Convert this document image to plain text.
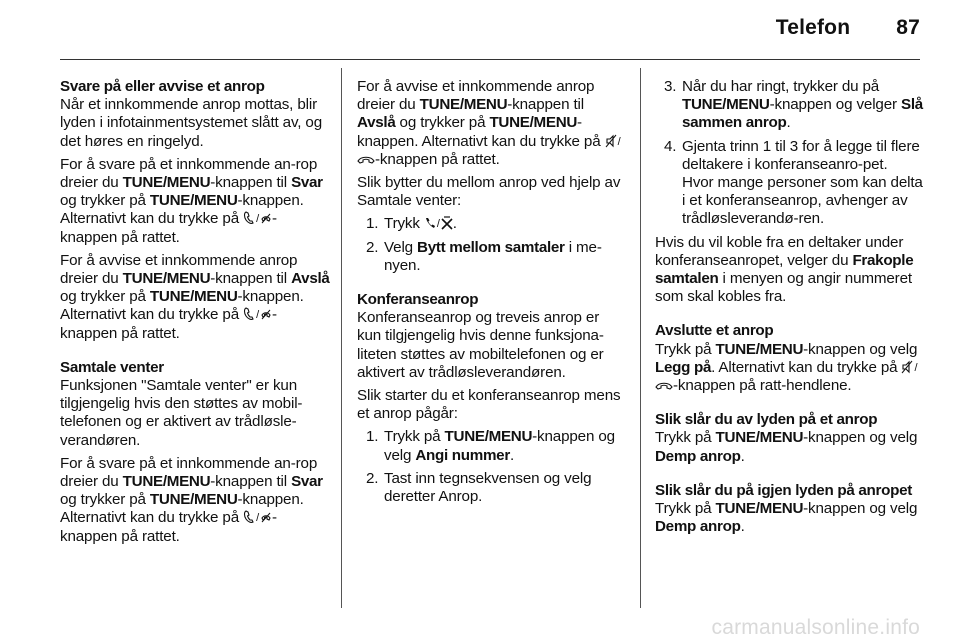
Telefon 87
Svare på eller avvise et anrop

Når et innkommende anrop mottas, blir lyden i infotainmentsystemet slått av, og det høres en ringelyd.

For å svare på et innkommende an-rop dreier du TUNE/MENU-knappen til Svar og trykker på TUNE/MENU-knappen. Alternativt kan du trykke på / -knappen på rattet.

For å avvise et innkommende anrop dreier du TUNE/MENU-knappen til Avslå og trykker på TUNE/MENU-knappen. Alternativt kan du trykke på / -knappen på rattet.

Samtale venter

Funksjonen "Samtale venter" er kun tilgjengelig hvis den støttes av mobil-telefonen og er aktivert av trådløsle-verandøren.

For å svare på et innkommende an-rop dreier du TUNE/MENU-knappen til Svar og trykker på TUNE/MENU-knappen. Alternativt kan du trykke på / -knappen på rattet.

For å avvise et innkommende anrop dreier du TUNE/MENU-knappen til Avslå og trykker på TUNE/MENU-knappen. Alternativt kan du trykke på /-knappen på rattet.

Slik bytter du mellom anrop ved hjelp av Samtale venter:

1. Trykk / .
2. Velg Bytt mellom samtaler i me-nyen.
Konferanseanrop

Konferanseanrop og treveis anrop er kun tilgjengelig hvis denne funksjona-liteten støttes av mobiltelefonen og er aktivert av trådløsleverandøren.

Slik starter du et konferanseanrop mens et anrop pågår:

1. Trykk på TUNE/MENU-knappen og velg Angi nummer.
2. Tast inn tegnsekvensen og velg deretter Anrop.
3. Når du har ringt, trykker du på TUNE/MENU-knappen og velger Slå sammen anrop.
4. Gjenta trinn 1 til 3 for å legge til flere deltakere i konferanseanro-pet. Hvor mange personer som kan delta i et konferanseanrop, avhenger av trådløsleverandø-ren.

Hvis du vil koble fra en deltaker under konferanseanropet, velger du Frakople samtalen i menyen og angir nummeret som skal kobles fra.

Avslutte et anrop

Trykk på TUNE/MENU-knappen og velg Legg på. Alternativt kan du trykke på /-knappen på ratt-hendlene.

Slik slår du av lyden på et anrop

Trykk på TUNE/MENU-knappen og velg Demp anrop.

Slik slår du på igjen lyden på anropet

Trykk på TUNE/MENU-knappen og velg Demp anrop.

carmanualsonline.info
